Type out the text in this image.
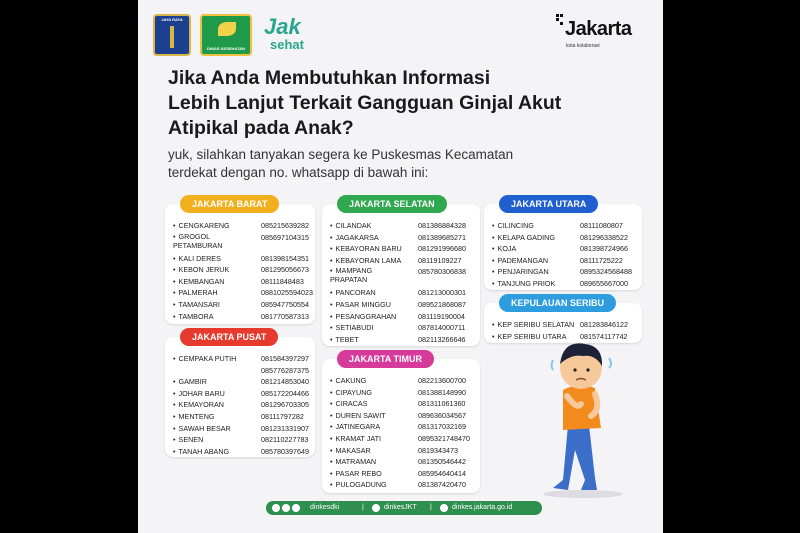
JAYA RAYA
DINAS KESEHATAN
Jak
sehat
Jakarta
kota kolaborasi
Jika Anda Membutuhkan Informasi
Lebih Lanjut Terkait Gangguan Ginjal Akut
Atipikal pada Anak?
yuk, silahkan tanyakan segera ke Puskesmas Kecamatan
terdekat dengan no. whatsapp di bawah ini:
JAKARTA BARAT
• CENGKARENG	085215639282
• GROGOL PETAMBURAN
085697104315
• KALI DERES	081398154351
• KEBON JERUK	081295056673
• KEMBANGAN	08111848483
• PALMERAH	0881025594023
• TAMANSARI	085947750554
• TAMBORA	081770587313
JAKARTA PUSAT
• CEMPAKA PUTIH	081584397297
085776287375
• GAMBIR	081214853040
• JOHAR BARU	085172204466
• KEMAYORAN	081296703305
• MENTENG	08111797282
• SAWAH BESAR	081231331907
• SENEN	082110227783
• TANAH ABANG	085780397649
JAKARTA SELATAN
• CILANDAK	081386884328
• JAGAKARSA	081389685271
• KEBAYORAN BARU	081291996680
• KEBAYORAN LAMA	08119109227
• MAMPANG PRAPATAN
085780306838
• PANCORAN	081213000301
• PASAR MINGGU	089521868087
• PESANGGRAHAN	081119190004
• SETIABUDI	087814000711
• TEBET	082113266646
JAKARTA TIMUR
• CAKUNG	082213600700
• CIPAYUNG	081388148990
• CIRACAS	081311061360
• DUREN SAWIT	089636034567
• JATINEGARA	081317032169
• KRAMAT JATI	0895321748470
• MAKASAR	0819343473
• MATRAMAN	081350546442
• PASAR REBO	085954640414
• PULOGADUNG	081387420470
JAKARTA UTARA
• CILINCING	08111080807
• KELAPA GADING	081296338522
• KOJA	081398724966
• PADEMANGAN	08111725222
• PENJARINGAN	0895324568488
• TANJUNG PRIOK	089655667000
KEPULAUAN SERIBU
• KEP SERIBU SELATAN 081283846122
• KEP SERIBU UTARA	081574117742
dinkesdki	|	dinkesJKT |	dinkes.jakarta.go.id
